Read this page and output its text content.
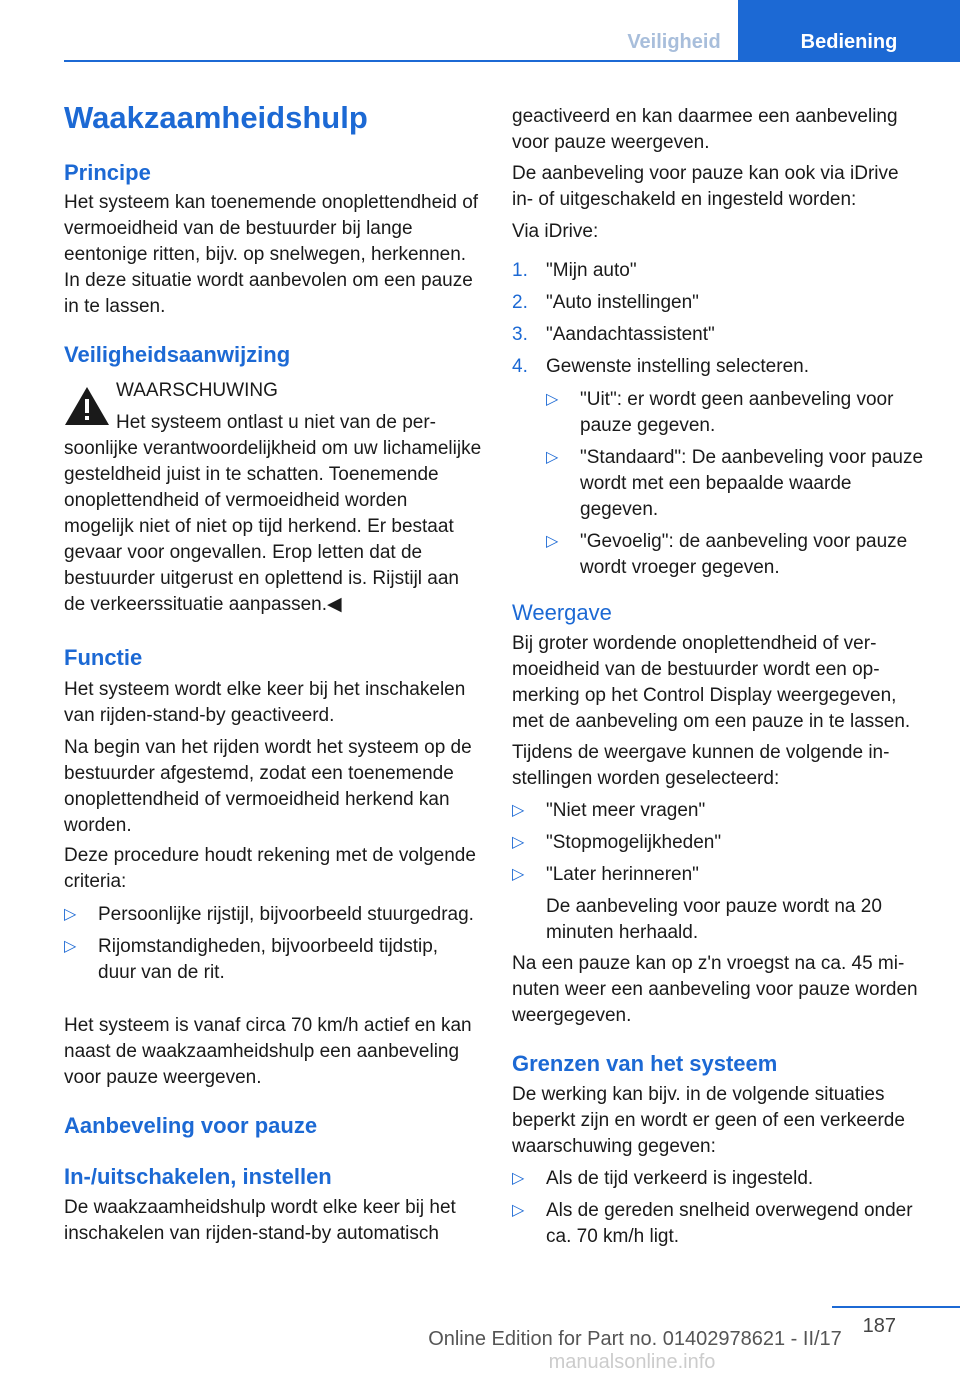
Veiligheid	Bediening
Waakzaamheidshulp
Principe

Het systeem kan toenemende onoplettendheid of vermoeidheid van de bestuurder bij lange eentonige ritten, bijv. op snelwegen, herkennen. In deze situatie wordt aanbevolen om een pauze in te lassen.

Veiligheidsaanwijzing

WAARSCHUWING

Het systeem ontlast u niet van de persoonlijke verantwoordelijkheid om uw lichamelijke gesteldheid juist in te schatten. Toenemende onoplettendheid of vermoeidheid worden mogelijk niet of niet op tijd herkend. Er bestaat gevaar voor ongevallen. Erop letten dat de bestuurder uitgerust en oplettend is. Rijstijl aan de verkeerssituatie aanpassen.◀

Functie

Het systeem wordt elke keer bij het inschakelen van rijden-stand-by geactiveerd.

Na begin van het rijden wordt het systeem op de bestuurder afgestemd, zodat een toenemende onoplettendheid of vermoeidheid herkend kan worden.

Deze procedure houdt rekening met de volgende criteria:

▷ Persoonlijke rijstijl, bijvoorbeeld stuurgedrag.
▷ Rijomstandigheden, bijvoorbeeld tijdstip, duur van de rit.

Het systeem is vanaf circa 70 km/h actief en kan naast de waakzaamheidshulp een aanbeveling voor pauze weergeven.

Aanbeveling voor pauze
In-/uitschakelen, instellen

De waakzaamheidshulp wordt elke keer bij het inschakelen van rijden-stand-by automatisch

geactiveerd en kan daarmee een aanbeveling voor pauze weergeven.

De aanbeveling voor pauze kan ook via iDrive in- of uitgeschakeld en ingesteld worden:

Via iDrive:

1. "Mijn auto"
2. "Auto instellingen"
3. "Aandachtassistent"
4. Gewenste instelling selecteren.
▷ "Uit": er wordt geen aanbeveling voor pauze gegeven.
▷ "Standaard": De aanbeveling voor pauze wordt met een bepaalde waarde gegeven.
▷ "Gevoelig": de aanbeveling voor pauze wordt vroeger gegeven.
Weergave

Bij groter wordende onoplettendheid of vermoeidheid van de bestuurder wordt een opmerking op het Control Display weergegeven, met de aanbeveling om een pauze in te lassen.

Tijdens de weergave kunnen de volgende instellingen worden geselecteerd:

▷ "Niet meer vragen"
▷ "Stopmogelijkheden"
▷ "Later herinneren"

De aanbeveling voor pauze wordt na 20 minuten herhaald.

Na een pauze kan op z'n vroegst na ca. 45 minuten weer een aanbeveling voor pauze worden weergegeven.

Grenzen van het systeem

De werking kan bijv. in de volgende situaties beperkt zijn en wordt er geen of een verkeerde waarschuwing gegeven:

▷ Als de tijd verkeerd is ingesteld.
▷ Als de gereden snelheid overwegend onder ca. 70 km/h ligt.
187
Online Edition for Part no. 01402978621 - II/17 manualsonline.info
